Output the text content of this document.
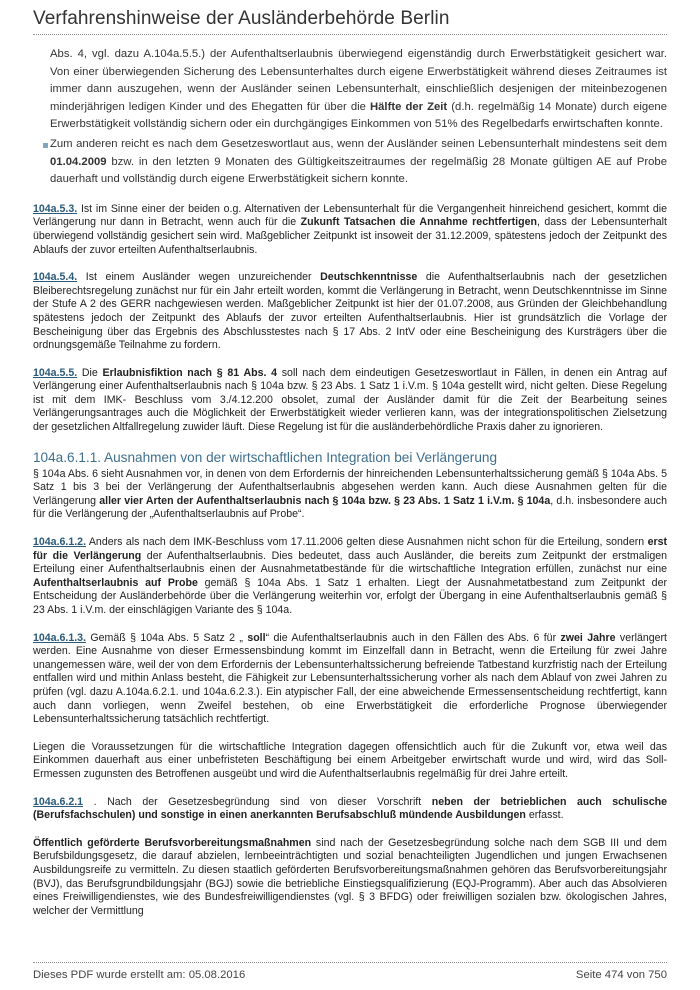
Verfahrenshinweise der Ausländerbehörde Berlin
Abs. 4, vgl. dazu A.104a.5.5.) der Aufenthaltserlaubnis überwiegend eigenständig durch Erwerbstätigkeit gesichert war. Von einer überwiegenden Sicherung des Lebensunterhaltes durch eigene Erwerbstätigkeit während dieses Zeitraumes ist immer dann auszugehen, wenn der Ausländer seinen Lebensunterhalt, einschließlich desjenigen der miteinbezogenen minderjährigen ledigen Kinder und des Ehegatten für über die Hälfte der Zeit (d.h. regelmäßig 14 Monate) durch eigene Erwerbstätigkeit vollständig sichern oder ein durchgängiges Einkommen von 51% des Regelbedarfs erwirtschaften konnte.
Zum anderen reicht es nach dem Gesetzeswortlaut aus, wenn der Ausländer seinen Lebensunterhalt mindestens seit dem 01.04.2009 bzw. in den letzten 9 Monaten des Gültigkeitszeitraumes der regelmäßig 28 Monate gültigen AE auf Probe dauerhaft und vollständig durch eigene Erwerbstätigkeit sichern konnte.
104a.5.3. Ist im Sinne einer der beiden o.g. Alternativen der Lebensunterhalt für die Vergangenheit hinreichend gesichert, kommt die Verlängerung nur dann in Betracht, wenn auch für die Zukunft Tatsachen die Annahme rechtfertigen, dass der Lebensunterhalt überwiegend vollständig gesichert sein wird. Maßgeblicher Zeitpunkt ist insoweit der 31.12.2009, spätestens jedoch der Zeitpunkt des Ablaufs der zuvor erteilten Aufenthaltserlaubnis.
104a.5.4. Ist einem Ausländer wegen unzureichender Deutschkenntnisse die Aufenthaltserlaubnis nach der gesetzlichen Bleiberechtsregelung zunächst nur für ein Jahr erteilt worden, kommt die Verlängerung in Betracht, wenn Deutschkenntnisse im Sinne der Stufe A 2 des GERR nachgewiesen werden. Maßgeblicher Zeitpunkt ist hier der 01.07.2008, aus Gründen der Gleichbehandlung spätestens jedoch der Zeitpunkt des Ablaufs der zuvor erteilten Aufenthaltserlaubnis. Hier ist grundsätzlich die Vorlage der Bescheinigung über das Ergebnis des Abschlusstestes nach § 17 Abs. 2 IntV oder eine Bescheinigung des Kursträgers über die ordnungsgemäße Teilnahme zu fordern.
104a.5.5. Die Erlaubnisfiktion nach § 81 Abs. 4 soll nach dem eindeutigen Gesetzeswortlaut in Fällen, in denen ein Antrag auf Verlängerung einer Aufenthaltserlaubnis nach § 104a bzw. § 23 Abs. 1 Satz 1 i.V.m. § 104a gestellt wird, nicht gelten. Diese Regelung ist mit dem IMK- Beschluss vom 3./4.12.200 obsolet, zumal der Ausländer damit für die Zeit der Bearbeitung seines Verlängerungsantrages auch die Möglichkeit der Erwerbstätigkeit wieder verlieren kann, was der integrationspolitischen Zielsetzung der gesetzlichen Altfallregelung zuwider läuft. Diese Regelung ist für die ausländerbehördliche Praxis daher zu ignorieren.
104a.6.1.1. Ausnahmen von der wirtschaftlichen Integration bei Verlängerung
§ 104a Abs. 6 sieht Ausnahmen vor, in denen von dem Erfordernis der hinreichenden Lebensunterhaltssicherung gemäß § 104a Abs. 5 Satz 1 bis 3 bei der Verlängerung der Aufenthaltserlaubnis abgesehen werden kann. Auch diese Ausnahmen gelten für die Verlängerung aller vier Arten der Aufenthaltserlaubnis nach § 104a bzw. § 23 Abs. 1 Satz 1 i.V.m. § 104a, d.h. insbesondere auch für die Verlängerung der „Aufenthaltserlaubnis auf Probe“.
104a.6.1.2. Anders als nach dem IMK-Beschluss vom 17.11.2006 gelten diese Ausnahmen nicht schon für die Erteilung, sondern erst für die Verlängerung der Aufenthaltserlaubnis. Dies bedeutet, dass auch Ausländer, die bereits zum Zeitpunkt der erstmaligen Erteilung einer Aufenthaltserlaubnis einen der Ausnahmetatbestände für die wirtschaftliche Integration erfüllen, zunächst nur eine Aufenthaltserlaubnis auf Probe gemäß § 104a Abs. 1 Satz 1 erhalten. Liegt der Ausnahmetatbestand zum Zeitpunkt der Entscheidung der Ausländerbehörde über die Verlängerung weiterhin vor, erfolgt der Übergang in eine Aufenthaltserlaubnis gemäß § 23 Abs. 1 i.V.m. der einschlägigen Variante des § 104a.
104a.6.1.3. Gemäß § 104a Abs. 5 Satz 2 „ soll“ die Aufenthaltserlaubnis auch in den Fällen des Abs. 6 für zwei Jahre verlängert werden. Eine Ausnahme von dieser Ermessensbindung kommt im Einzelfall dann in Betracht, wenn die Erteilung für zwei Jahre unangemessen wäre, weil der von dem Erfordernis der Lebensunterhaltssicherung befreiende Tatbestand kurzfristig nach der Erteilung entfallen wird und mithin Anlass besteht, die Fähigkeit zur Lebensunterhaltssicherung vorher als nach dem Ablauf von zwei Jahren zu prüfen (vgl. dazu A.104a.6.2.1. und 104a.6.2.3.). Ein atypischer Fall, der eine abweichende Ermessensentscheidung rechtfertigt, kann auch dann vorliegen, wenn Zweifel bestehen, ob eine Erwerbstätigkeit die erforderliche Prognose überwiegender Lebensunterhaltssicherung tatsächlich rechtfertigt.
Liegen die Voraussetzungen für die wirtschaftliche Integration dagegen offensichtlich auch für die Zukunft vor, etwa weil das Einkommen dauerhaft aus einer unbefristeten Beschäftigung bei einem Arbeitgeber erwirtschaft wurde und wird, wird das Soll- Ermessen zugunsten des Betroffenen ausgeübt und wird die Aufenthaltserlaubnis regelmäßig für drei Jahre erteilt.
104a.6.2.1 . Nach der Gesetzesbegründung sind von dieser Vorschrift neben der betrieblichen auch schulische (Berufsfachschulen) und sonstige in einen anerkannten Berufsabschluß mündende Ausbildungen erfasst.
Öffentlich geförderte Berufsvorbereitungsmaßnahmen sind nach der Gesetzesbegründung solche nach dem SGB III und dem Berufsbildungsgesetz, die darauf abzielen, lernbeeinträchtigten und sozial benachteiligten Jugendlichen und jungen Erwachsenen Ausbildungsreife zu vermitteln. Zu diesen staatlich geförderten Berufsvorbereitungsmaßnahmen gehören das Berufsvorbereitungsjahr (BVJ), das Berufsgrundbildungsjahr (BGJ) sowie die betriebliche Einstiegsqualifizierung (EQJ-Programm). Aber auch das Absolvieren eines Freiwilligendienstes, wie des Bundesfreiwilligendienstes (vgl. § 3 BFDG) oder freiwilligen sozialen bzw. ökologischen Jahres, welcher der Vermittlung
Dieses PDF wurde erstellt am: 05.08.2016	Seite 474 von 750
